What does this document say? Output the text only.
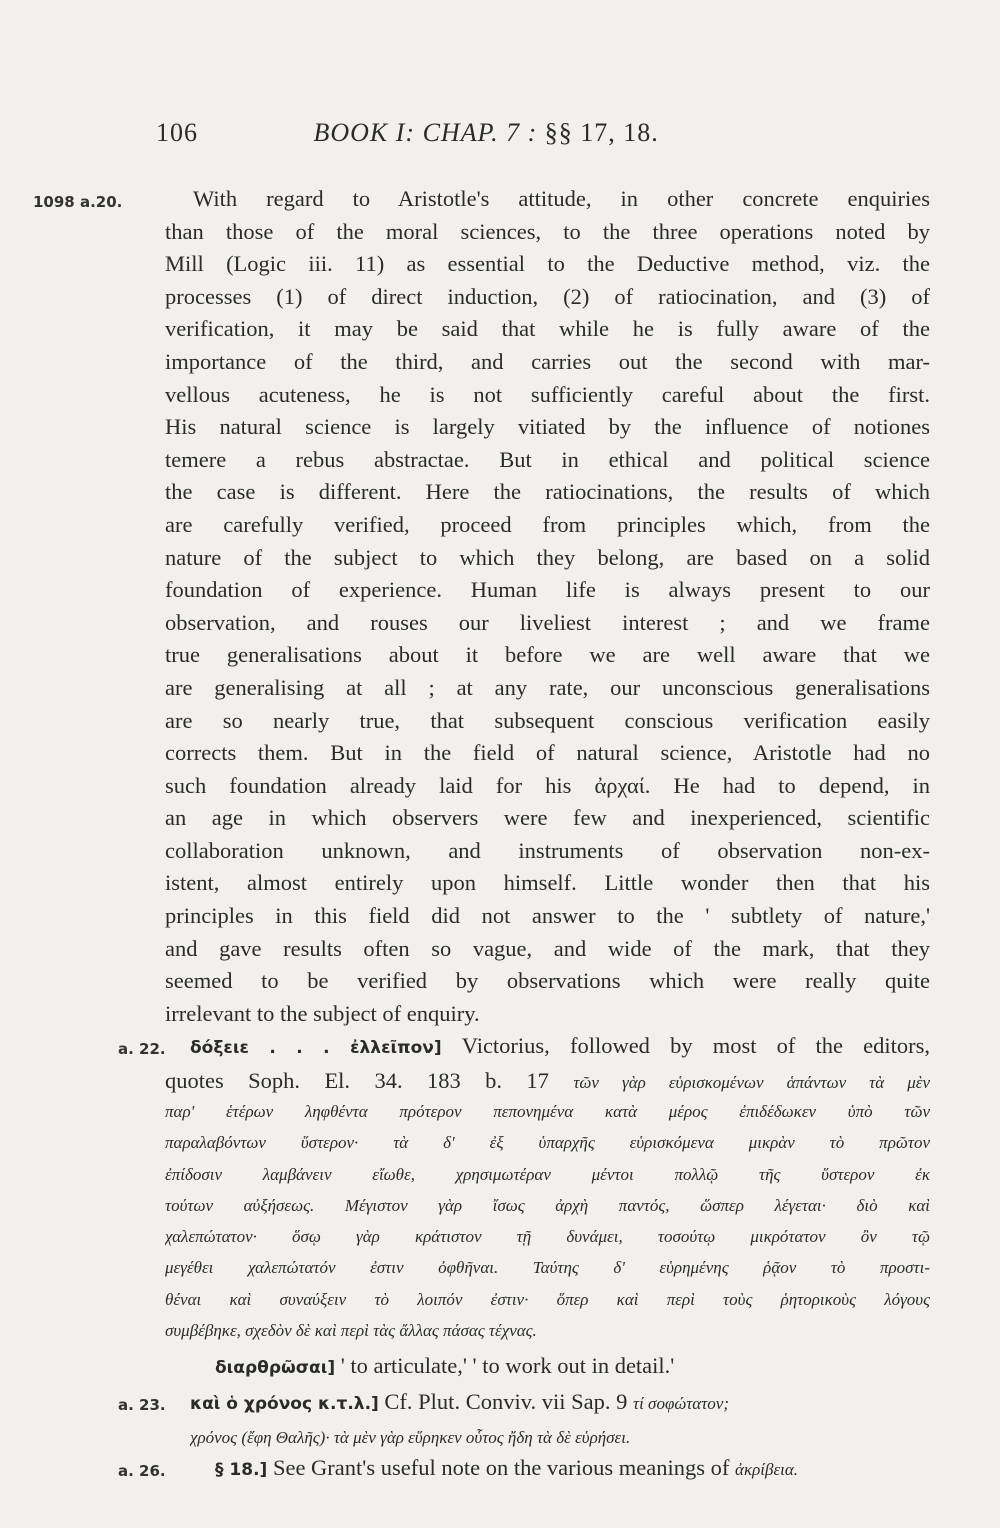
106	BOOK I: CHAP. 7 : §§ 17, 18.
1098 a.20.	With regard to Aristotle's attitude, in other concrete enquiries
than those of the moral sciences, to the three operations noted by
Mill (Logic iii. 11) as essential to the Deductive method, viz. the
processes (1) of direct induction, (2) of ratiocination, and (3) of
verification, it may be said that while he is fully aware of the
importance of the third, and carries out the second with mar-
vellous acuteness, he is not sufficiently careful about the first.
His natural science is largely vitiated by the influence of notiones
temere a rebus abstractae. But in ethical and political science
the case is different. Here the ratiocinations, the results of which
are carefully verified, proceed from principles which, from the
nature of the subject to which they belong, are based on a solid
foundation of experience. Human life is always present to our
observation, and rouses our liveliest interest ; and we frame
true generalisations about it before we are well aware that we
are generalising at all ; at any rate, our unconscious generalisations
are so nearly true, that subsequent conscious verification easily
corrects them. But in the field of natural science, Aristotle had no
such foundation already laid for his ἀρχαί. He had to depend, in
an age in which observers were few and inexperienced, scientific
collaboration unknown, and instruments of observation non-ex-
istent, almost entirely upon himself. Little wonder then that his
principles in this field did not answer to the ' subtlety of nature,'
and gave results often so vague, and wide of the mark, that they
seemed to be verified by observations which were really quite
irrelevant to the subject of enquiry.
a. 22.	δόξειε . . . ἐλλεῖπον] Victorius, followed by most of the editors,
quotes Soph. El. 34. 183 b. 17 τῶν γὰρ εὑρισκομένων ἁπάντων τὰ μὲν
παρ' ἑτέρων ληφθέντα πρότερον πεπονημένα κατὰ μέρος ἐπιδέδωκεν ὑπὸ τῶν
παραλαβόντων ὕστερον· τὰ δ' ἐξ ὑπαρχῆς εὑρισκόμενα μικρὰν τὸ πρῶτον
ἐπίδοσιν λαμβάνειν εἴωθε, χρησιμωτέραν μέντοι πολλῷ τῆς ὕστερον ἐκ
τούτων αὐξήσεως. Μέγιστον γὰρ ἴσως ἀρχὴ παντός, ὥσπερ λέγεται· διὸ καὶ
χαλεπώτατον· ὅσῳ γὰρ κράτιστον τῇ δυνάμει, τοσούτῳ μικρότατον ὂν τῷ
μεγέθει χαλεπώτατόν ἐστιν ὀφθῆναι. Ταύτης δ' εὑρημένης ῥᾷον τὸ προστι-
θέναι καὶ συναύξειν τὸ λοιπόν ἐστιν· ὅπερ καὶ περὶ τοὺς ῥητορικοὺς λόγους
συμβέβηκε, σχεδὸν δὲ καὶ περὶ τὰς ἄλλας πάσας τέχνας.
διαρθρῶσαι] ' to articulate,' ' to work out in detail.'
a. 23.	καὶ ὁ χρόνος κ.τ.λ.] Cf. Plut. Conviv. vii Sap. 9 τί σοφώτατον;
χρόνος (ἔφη Θαλῆς)· τὰ μὲν γὰρ εὕρηκεν οὗτος ἤδη τὰ δὲ εὑρήσει.
a. 26.	§ 18.] See Grant's useful note on the various meanings of ἀκρίβεια.
